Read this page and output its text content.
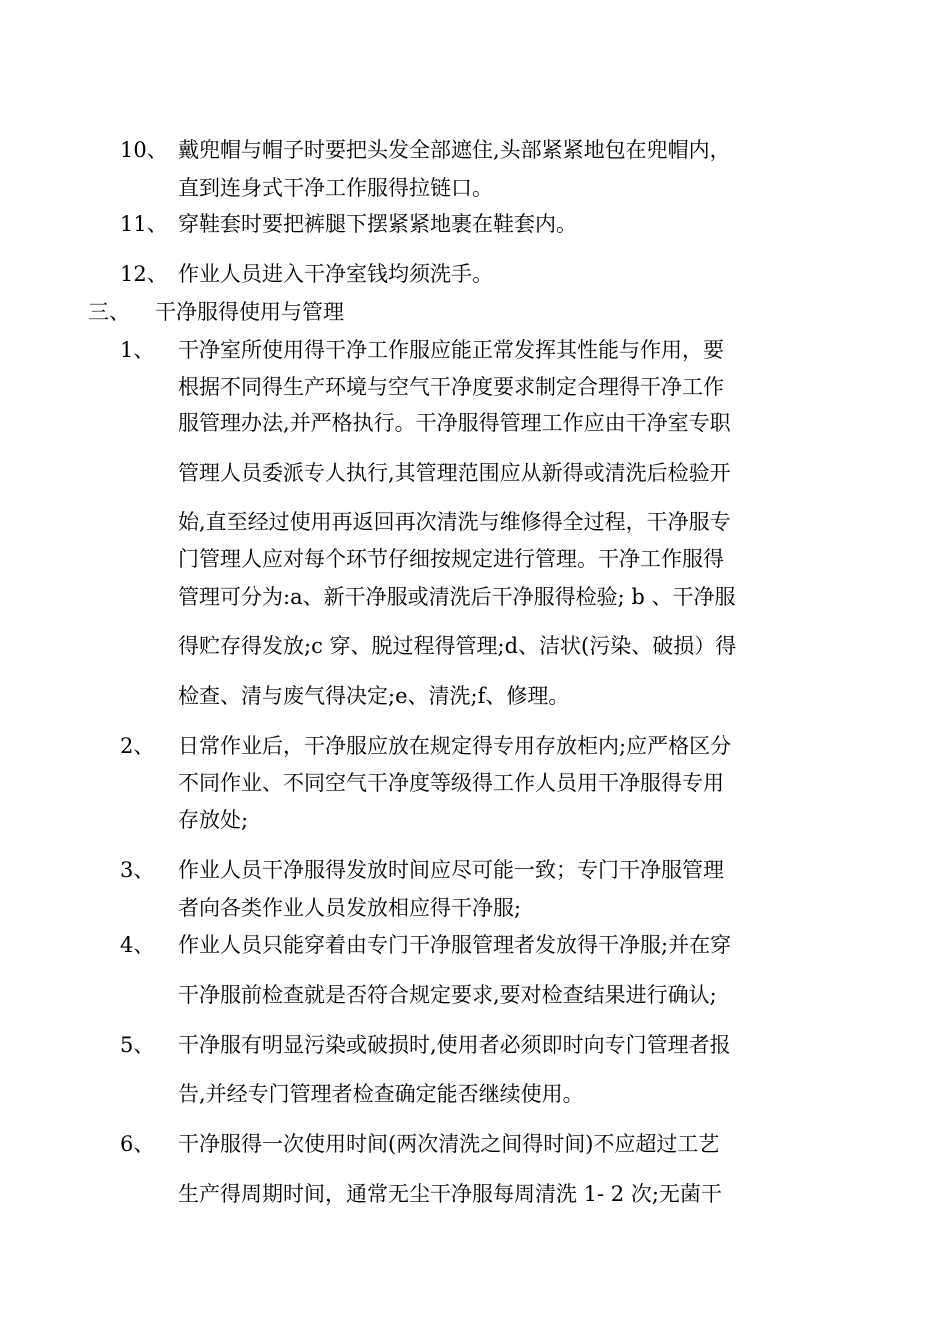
10、 戴兜帽与帽子时要把头发全部遮住,头部紧紧地包在兜帽内，
直到连身式干净工作服得拉链口。
11、 穿鞋套时要把裤腿下摆紧紧地裹在鞋套内。
12、 作业人员进入干净室钱均须洗手。
三、 干净服得使用与管理
1、 干净室所使用得干净工作服应能正常发挥其性能与作用，要
根据不同得生产环境与空气干净度要求制定合理得干净工作
服管理办法,并严格执行。干净服得管理工作应由干净室专职
管理人员委派专人执行,其管理范围应从新得或清洗后检验开
始,直至经过使用再返回再次清洗与维修得全过程，干净服专
门管理人应对每个环节仔细按规定进行管理。干净工作服得
管理可分为:a、新干净服或清洗后干净服得检验; b 、干净服
得贮存得发放;c 穿、脱过程得管理;d、洁状(污染、破损）得
检查、清与废气得决定;e、清洗;f、修理。
2、 日常作业后，干净服应放在规定得专用存放柜内;应严格区分
不同作业、不同空气干净度等级得工作人员用干净服得专用
存放处;
3、 作业人员干净服得发放时间应尽可能一致；专门干净服管理
者向各类作业人员发放相应得干净服;
4、 作业人员只能穿着由专门干净服管理者发放得干净服;并在穿
干净服前检查就是否符合规定要求,要对检查结果进行确认;
5、 干净服有明显污染或破损时,使用者必须即时向专门管理者报
告,并经专门管理者检查确定能否继续使用。
6、 干净服得一次使用时间(两次清洗之间得时间)不应超过工艺
生产得周期时间，通常无尘干净服每周清洗 1- 2 次;无菌干
